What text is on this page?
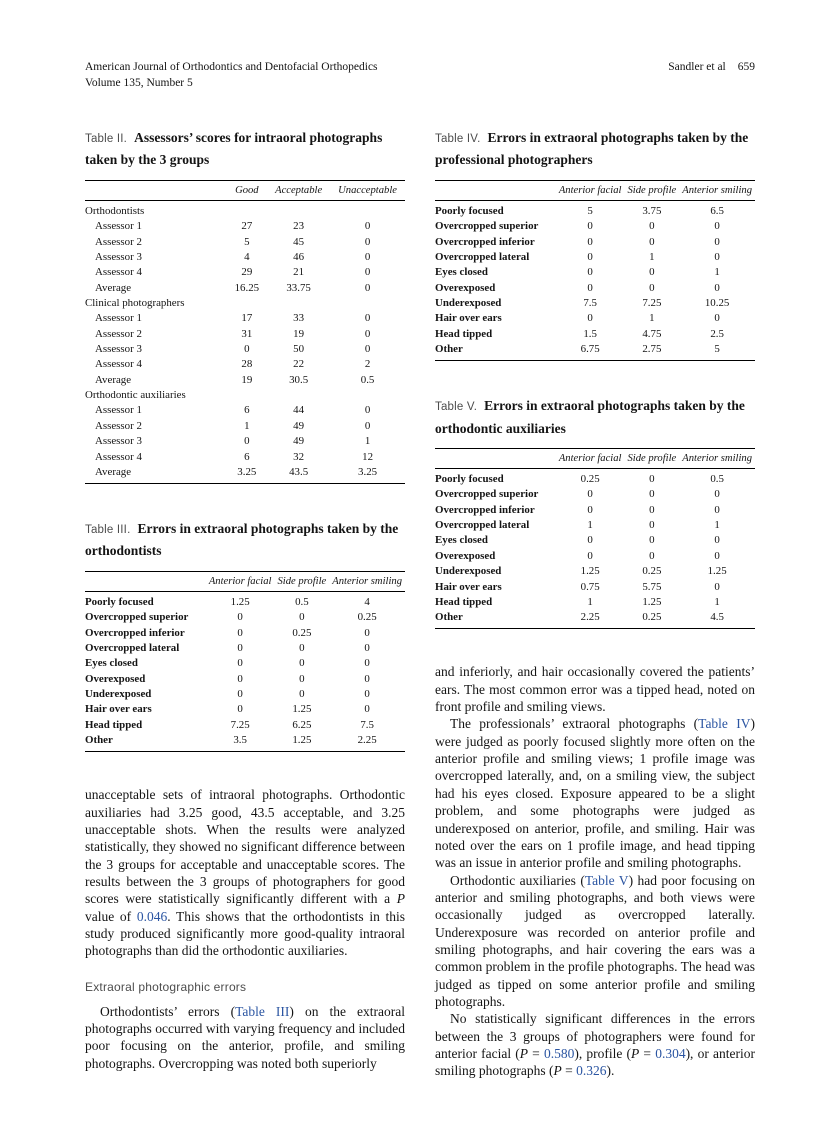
American Journal of Orthodontics and Dentofacial Orthopedics
Volume 135, Number 5
Sandler et al 659

Table II. Assessors’ scores for intraoral photographs taken by the 3 groups

	Good	Acceptable	Unacceptable
Orthodontists			
Assessor 1	27	23	0
Assessor 2	5	45	0
Assessor 3	4	46	0
Assessor 4	29	21	0
Average	16.25	33.75	0
Clinical photographers			
Assessor 1	17	33	0
Assessor 2	31	19	0
Assessor 3	0	50	0
Assessor 4	28	22	2
Average	19	30.5	0.5
Orthodontic auxiliaries			
Assessor 1	6	44	0
Assessor 2	1	49	0
Assessor 3	0	49	1
Assessor 4	6	32	12
Average	3.25	43.5	3.25

Table III. Errors in extraoral photographs taken by the orthodontists

	Anterior facial	Side profile	Anterior smiling
Poorly focused	1.25	0.5	4
Overcropped superior	0	0	0.25
Overcropped inferior	0	0.25	0
Overcropped lateral	0	0	0
Eyes closed	0	0	0
Overexposed	0	0	0
Underexposed	0	0	0
Hair over ears	0	1.25	0
Head tipped	7.25	6.25	7.5
Other	3.5	1.25	2.25

unacceptable sets of intraoral photographs. Orthodontic auxiliaries had 3.25 good, 43.5 acceptable, and 3.25 unacceptable shots. When the results were analyzed statistically, they showed no significant difference between the 3 groups for acceptable and unacceptable scores. The results between the 3 groups of photographers for good scores were statistically significantly different with a P value of 0.046. This shows that the orthodontists in this study produced significantly more good-quality intraoral photographs than did the orthodontic auxiliaries.

Extraoral photographic errors

Orthodontists’ errors (Table III) on the extraoral photographs occurred with varying frequency and included poor focusing on the anterior, profile, and smiling photographs. Overcropping was noted both superiorly

Table IV. Errors in extraoral photographs taken by the professional photographers

	Anterior facial	Side profile	Anterior smiling
Poorly focused	5	3.75	6.5
Overcropped superior	0	0	0
Overcropped inferior	0	0	0
Overcropped lateral	0	1	0
Eyes closed	0	0	1
Overexposed	0	0	0
Underexposed	7.5	7.25	10.25
Hair over ears	0	1	0
Head tipped	1.5	4.75	2.5
Other	6.75	2.75	5

Table V. Errors in extraoral photographs taken by the orthodontic auxiliaries

	Anterior facial	Side profile	Anterior smiling
Poorly focused	0.25	0	0.5
Overcropped superior	0	0	0
Overcropped inferior	0	0	0
Overcropped lateral	1	0	1
Eyes closed	0	0	0
Overexposed	0	0	0
Underexposed	1.25	0.25	1.25
Hair over ears	0.75	5.75	0
Head tipped	1	1.25	1
Other	2.25	0.25	4.5

and inferiorly, and hair occasionally covered the patients’ ears. The most common error was a tipped head, noted on front profile and smiling views.

The professionals’ extraoral photographs (Table IV) were judged as poorly focused slightly more often on the anterior profile and smiling views; 1 profile image was overcropped laterally, and, on a smiling view, the subject had his eyes closed. Exposure appeared to be a slight problem, and some photographs were judged as underexposed on anterior, profile, and smiling. Hair was noted over the ears on 1 profile image, and head tipping was an issue in anterior profile and smiling photographs.

Orthodontic auxiliaries (Table V) had poor focusing on anterior and smiling photographs, and both views were occasionally judged as overcropped laterally. Underexposure was recorded on anterior profile and smiling photographs, and hair covering the ears was a common problem in the profile photographs. The head was judged as tipped on some anterior profile and smiling photographs.

No statistically significant differences in the errors between the 3 groups of photographers were found for anterior facial (P = 0.580), profile (P = 0.304), or anterior smiling photographs (P = 0.326).
